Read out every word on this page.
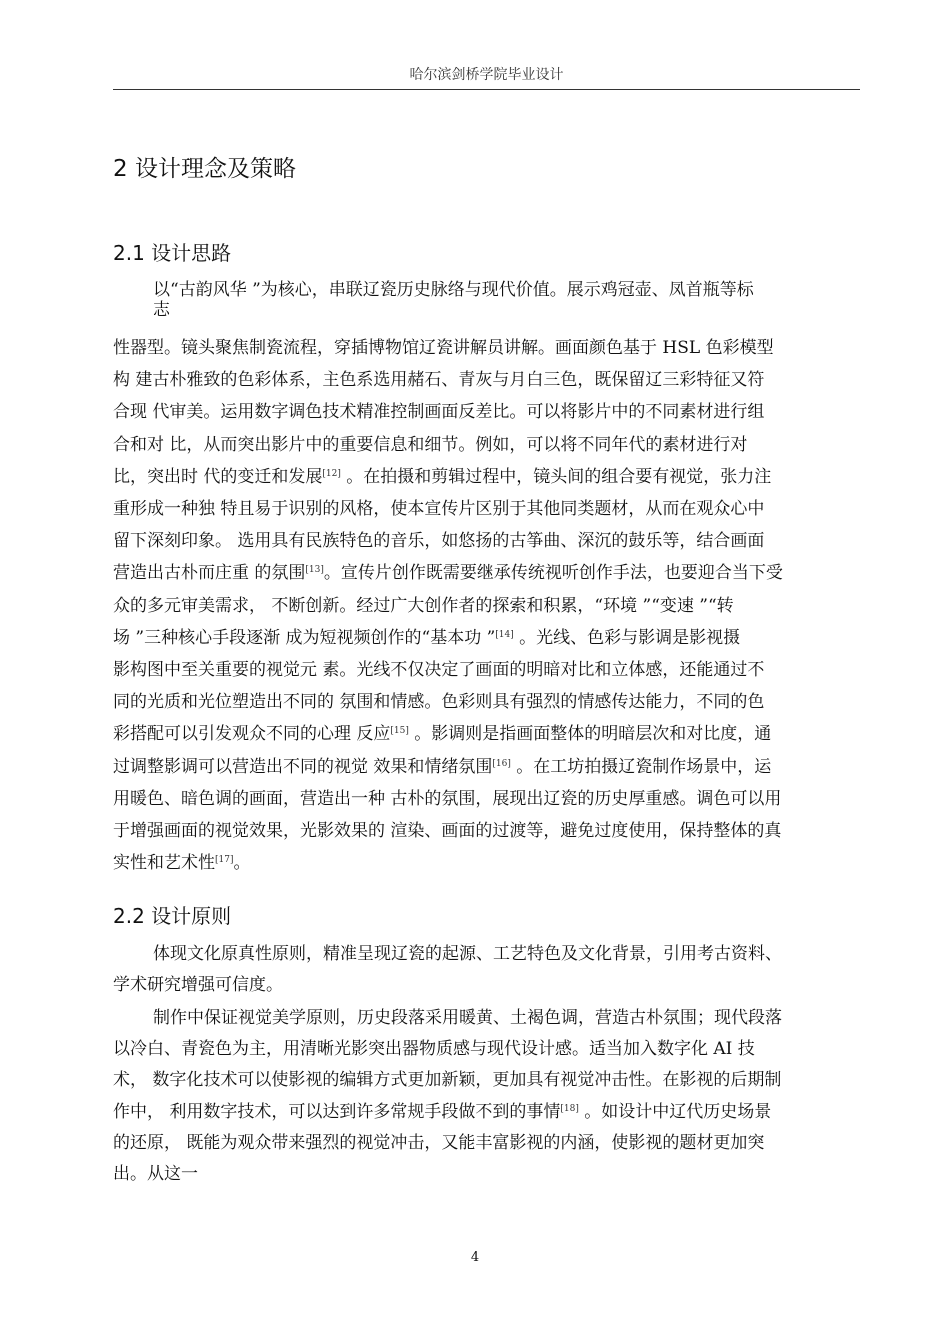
哈尔滨剑桥学院毕业设计
2 设计理念及策略
2.1 设计思路

以“古韵风华 ”为核心，串联辽瓷历史脉络与现代价值。展示鸡冠壶、凤首瓶等标

志

性器型。镜头聚焦制瓷流程，穿插博物馆辽瓷讲解员讲解。画面颜色基于 HSL 色彩模型

构 建古朴雅致的色彩体系，主色系选用赭石、青灰与月白三色，既保留辽三彩特征又符

合现 代审美。运用数字调色技术精准控制画面反差比。可以将影片中的不同素材进行组

合和对 比，从而突出影片中的重要信息和细节。例如，可以将不同年代的素材进行对

比，突出时 代的变迁和发展[12] 。在拍摄和剪辑过程中，镜头间的组合要有视觉，张力注

重形成一种独 特且易于识别的风格，使本宣传片区别于其他同类题材，从而在观众心中

留下深刻印象。 选用具有民族特色的音乐，如悠扬的古筝曲、深沉的鼓乐等，结合画面

营造出古朴而庄重 的氛围[13]。宣传片创作既需要继承传统视听创作手法，也要迎合当下受

众的多元审美需求， 不断创新。经过广大创作者的探索和积累，“环境 ”“变速 ”“转

场 ”三种核心手段逐渐 成为短视频创作的“基本功 ”[14] 。光线、色彩与影调是影视摄

影构图中至关重要的视觉元 素。光线不仅决定了画面的明暗对比和立体感，还能通过不

同的光质和光位塑造出不同的 氛围和情感。色彩则具有强烈的情感传达能力，不同的色

彩搭配可以引发观众不同的心理 反应[15] 。影调则是指画面整体的明暗层次和对比度，通

过调整影调可以营造出不同的视觉 效果和情绪氛围[16] 。在工坊拍摄辽瓷制作场景中，运

用暖色、暗色调的画面，营造出一种 古朴的氛围，展现出辽瓷的历史厚重感。调色可以用

于增强画面的视觉效果，光影效果的 渲染、画面的过渡等，避免过度使用，保持整体的真

实性和艺术性[17]。

2.2 设计原则

体现文化原真性原则，精准呈现辽瓷的起源、工艺特色及文化背景，引用考古资料、

学术研究增强可信度。

制作中保证视觉美学原则，历史段落采用暖黄、土褐色调，营造古朴氛围；现代段落

以冷白、青瓷色为主，用清晰光影突出器物质感与现代设计感。适当加入数字化 AI 技

术， 数字化技术可以使影视的编辑方式更加新颖，更加具有视觉冲击性。在影视的后期制

作中， 利用数字技术，可以达到许多常规手段做不到的事情[18] 。如设计中辽代历史场景

的还原， 既能为观众带来强烈的视觉冲击，又能丰富影视的内涵，使影视的题材更加突

出。从这一

4
